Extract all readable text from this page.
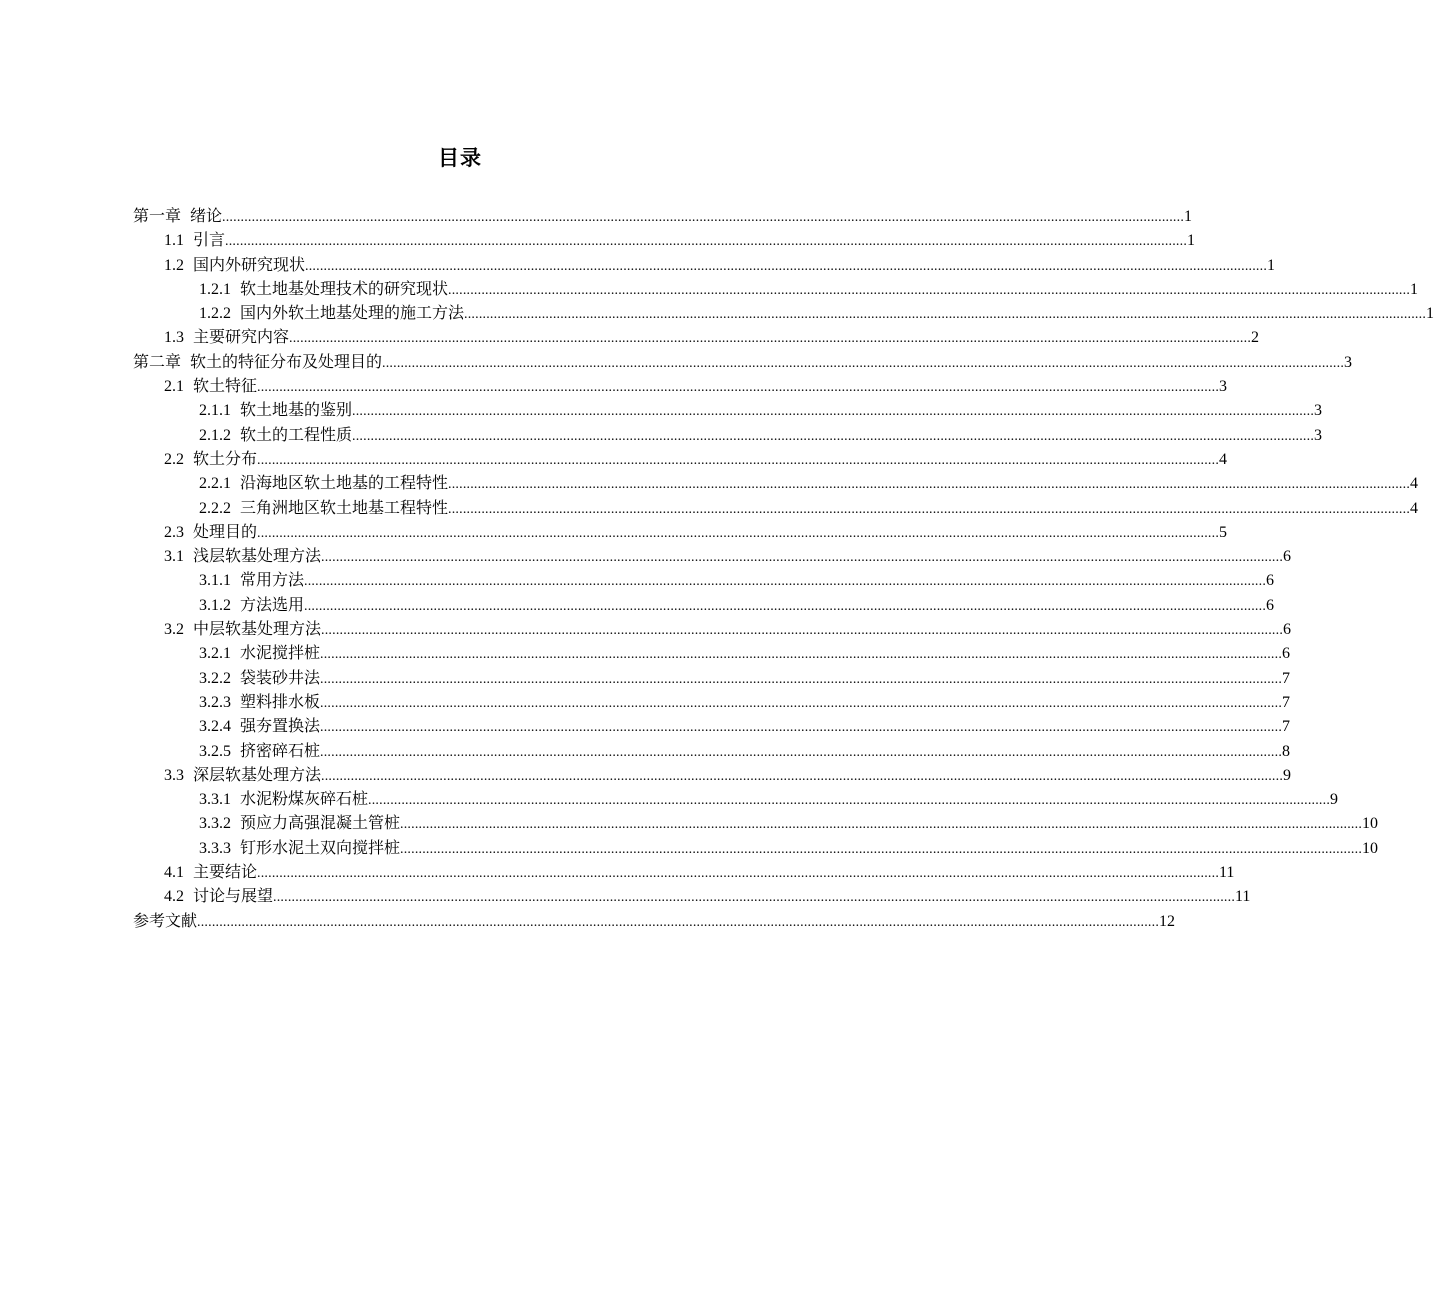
目录
第一章 绪论 .................................................................................................................................................................................................................................................................... 1
1.1 引言 .................................................................................................................................................................................................................................................................... 1
1.2 国内外研究现状 .................................................................................................................................................................................................................................................................... 1
1.2.1 软土地基处理技术的研究现状 .................................................................................................................................................................................................................................................................... 1
1.2.2 国内外软土地基处理的施工方法 .................................................................................................................................................................................................................................................................... 1
1.3 主要研究内容 .................................................................................................................................................................................................................................................................... 2
第二章 软土的特征分布及处理目的 .................................................................................................................................................................................................................................................................... 3
2.1 软土特征 .................................................................................................................................................................................................................................................................... 3
2.1.1 软土地基的鉴别 .................................................................................................................................................................................................................................................................... 3
2.1.2 软土的工程性质 .................................................................................................................................................................................................................................................................... 3
2.2 软土分布 .................................................................................................................................................................................................................................................................... 4
2.2.1 沿海地区软土地基的工程特性 .................................................................................................................................................................................................................................................................... 4
2.2.2 三角洲地区软土地基工程特性 .................................................................................................................................................................................................................................................................... 4
2.3 处理目的 .................................................................................................................................................................................................................................................................... 5
3.1 浅层软基处理方法 .................................................................................................................................................................................................................................................................... 6
3.1.1 常用方法 .................................................................................................................................................................................................................................................................... 6
3.1.2 方法选用 .................................................................................................................................................................................................................................................................... 6
3.2 中层软基处理方法 .................................................................................................................................................................................................................................................................... 6
3.2.1 水泥搅拌桩 .................................................................................................................................................................................................................................................................... 6
3.2.2 袋装砂井法 .................................................................................................................................................................................................................................................................... 7
3.2.3 塑料排水板 .................................................................................................................................................................................................................................................................... 7
3.2.4 强夯置换法 .................................................................................................................................................................................................................................................................... 7
3.2.5 挤密碎石桩 .................................................................................................................................................................................................................................................................... 8
3.3 深层软基处理方法 .................................................................................................................................................................................................................................................................... 9
3.3.1 水泥粉煤灰碎石桩 .................................................................................................................................................................................................................................................................... 9
3.3.2 预应力高强混凝土管桩 .................................................................................................................................................................................................................................................................... 10
3.3.3 钉形水泥土双向搅拌桩 .................................................................................................................................................................................................................................................................... 10
4.1 主要结论 .................................................................................................................................................................................................................................................................... 11
4.2 讨论与展望 .................................................................................................................................................................................................................................................................... 11
参考文献 .................................................................................................................................................................................................................................................................... 12
